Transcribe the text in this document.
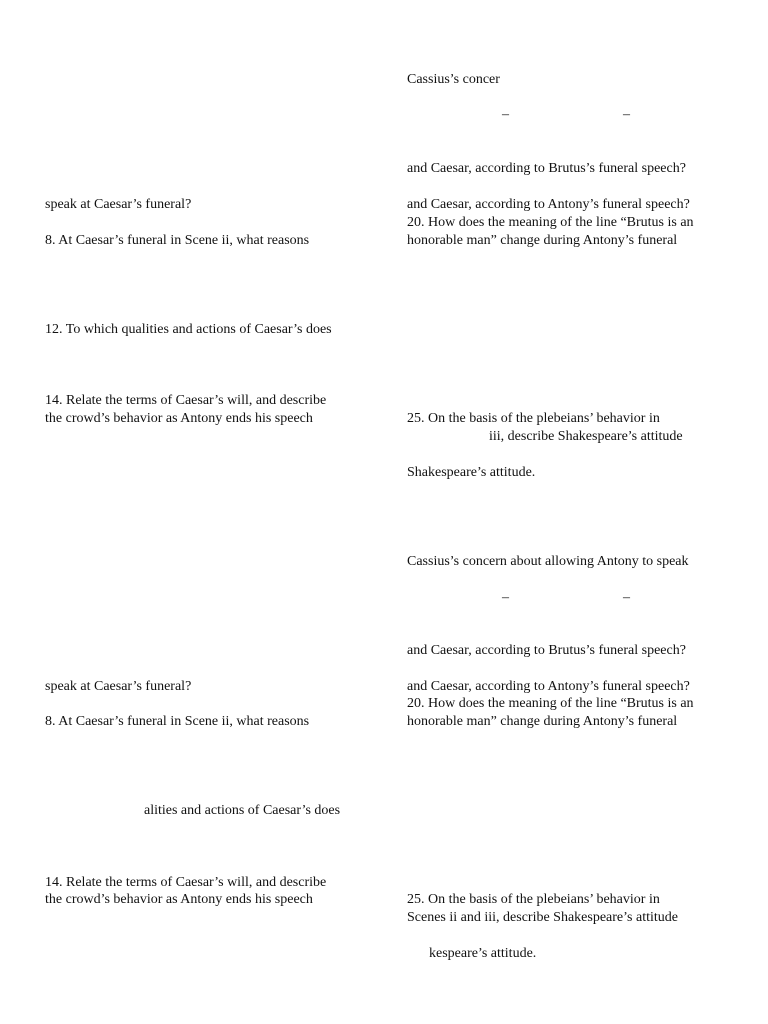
Cassius’s concer
–	–
and Caesar, according to Brutus’s funeral speech?
and Caesar, according to Antony’s funeral speech?
20. How does the meaning of the line “Brutus is an
honorable man” change during Antony’s funeral
25. On the basis of the plebeians’ behavior in
iii, describe Shakespeare’s attitude
Shakespeare’s attitude.
speak at Caesar’s funeral?
8. At Caesar’s funeral in Scene ii, what reasons
12. To which qualities and actions of Caesar’s does
14. Relate the terms of Caesar’s will, and describe
the crowd’s behavior as Antony ends his speech
Cassius’s concern about allowing Antony to speak
–	–
and Caesar, according to Brutus’s funeral speech?
and Caesar, according to Antony’s funeral speech?
20. How does the meaning of the line “Brutus is an
honorable man” change during Antony’s funeral
25. On the basis of the plebeians’ behavior in
Scenes ii and iii, describe Shakespeare’s attitude
kespeare’s attitude.
speak at Caesar’s funeral?
8. At Caesar’s funeral in Scene ii, what reasons
alities and actions of Caesar’s does
14. Relate the terms of Caesar’s will, and describe
the crowd’s behavior as Antony ends his speech
